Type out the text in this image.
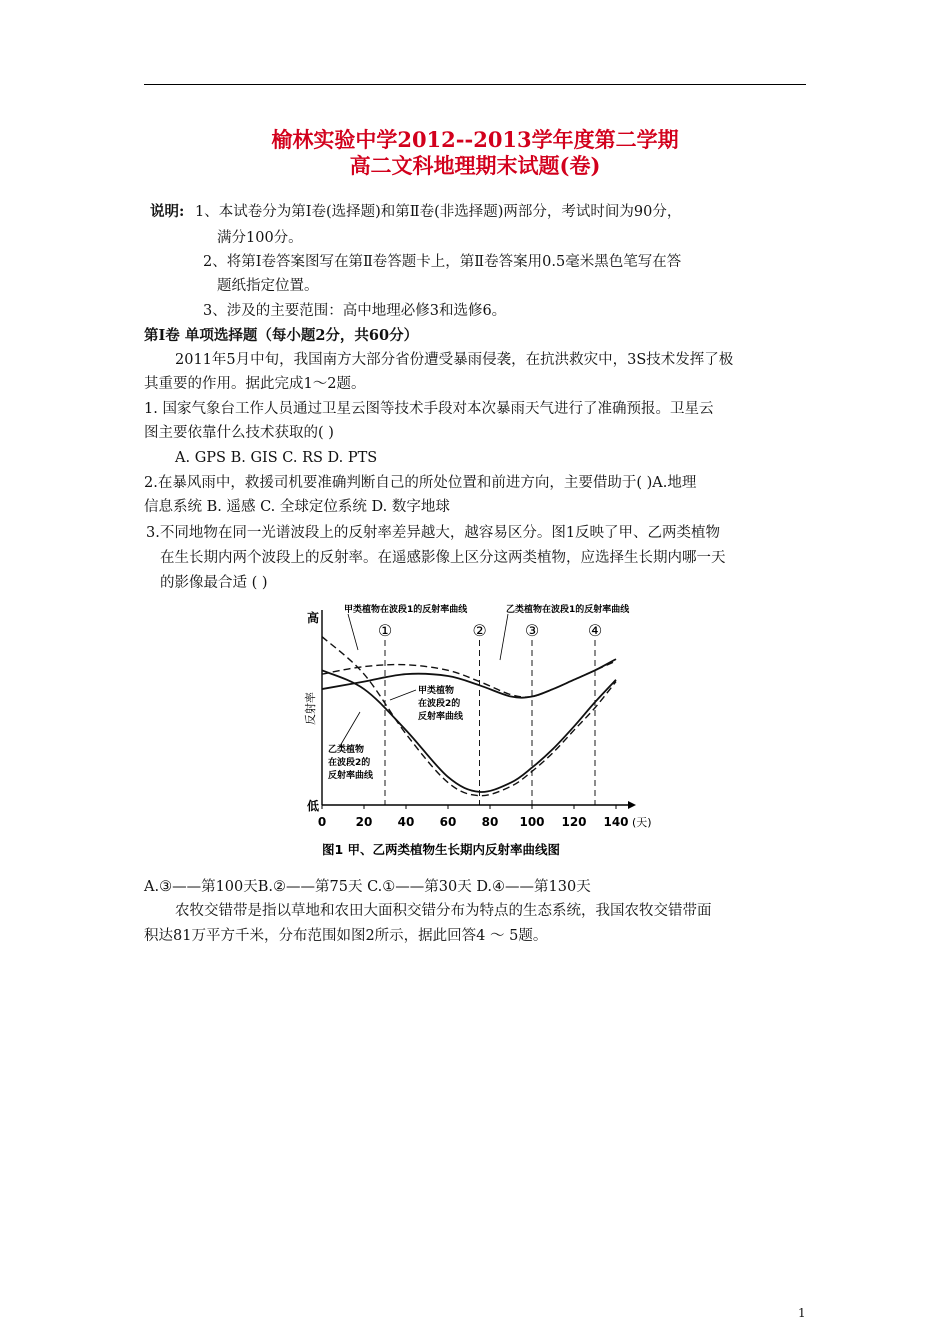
榆林实验中学2012--2013学年度第二学期
高二文科地理期末试题(卷)
说明: 1、本试卷分为第Ⅰ卷(选择题)和第Ⅱ卷(非选择题)两部分，考试时间为90分，
满分100分。
2、将第Ⅰ卷答案图写在第Ⅱ卷答题卡上，第Ⅱ卷答案用0.5毫米黑色笔写在答
题纸指定位置。
3、涉及的主要范围：高中地理必修3和选修6。
第Ⅰ卷 单项选择题（每小题2分，共60分）
2011年5月中旬，我国南方大部分省份遭受暴雨侵袭，在抗洪救灾中，3S技术发挥了极
其重要的作用。据此完成1～2题。
1. 国家气象台工作人员通过卫星云图等技术手段对本次暴雨天气进行了准确预报。卫星云
图主要依靠什么技术获取的( )
A. GPS B. GIS C. RS D. PTS
2.在暴风雨中，救援司机要准确判断自己的所处位置和前进方向，主要借助于( )A.地理
信息系统 B. 遥感 C. 全球定位系统 D. 数字地球
3.不同地物在同一光谱波段上的反射率差异越大，越容易区分。图1反映了甲、乙两类植物
在生长期内两个波段上的反射率。在遥感影像上区分这两类植物，应选择生长期内哪一天
的影像最合适 ( )
高
低
反射率
(天)
0 20 40 60 80 100 120 140
①	② ③	④
甲类植物在波段1的反射率曲线	乙类植物在波段1的反射率曲线
甲类植物
在波段2的
反射率曲线
乙类植物
在波段2的
反射率曲线
图1 甲、乙两类植物生长期内反射率曲线图
A.③——第100天B.②——第75天 C.①——第30天 D.④——第130天
农牧交错带是指以草地和农田大面积交错分布为特点的生态系统，我国农牧交错带面
积达81万平方千米，分布范围如图2所示，据此回答4 ～ 5题。
1
